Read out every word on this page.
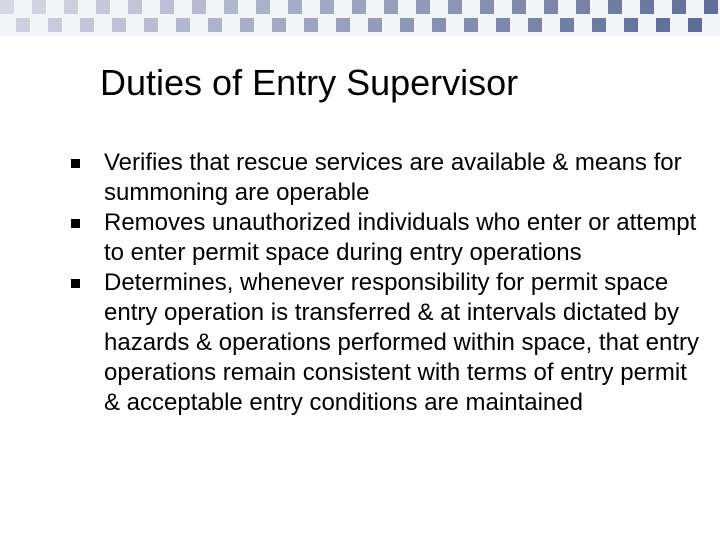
Duties of Entry Supervisor
Verifies that rescue services are available & means for summoning are operable
Removes unauthorized individuals who enter or attempt to enter permit space during entry operations
Determines, whenever responsibility for permit space entry operation is transferred & at intervals dictated by hazards & operations performed within space, that entry operations remain consistent with terms of entry permit & acceptable entry conditions are maintained
